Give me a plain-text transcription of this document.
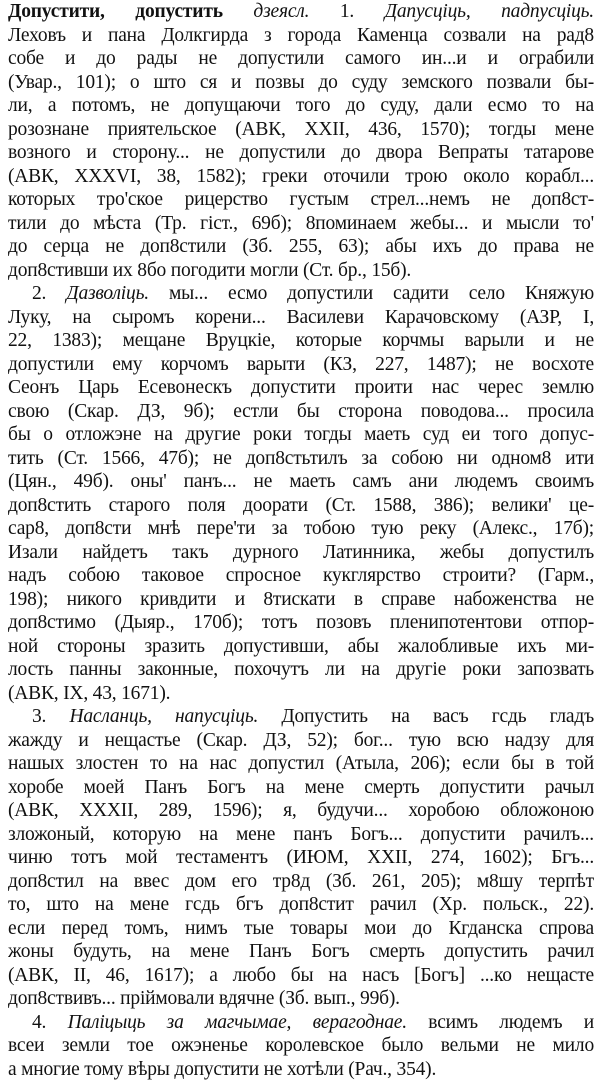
Допустити, допустить дзеясл. 1. Дапусціць, падпусціць.
Леховъ и пана Долкгирда з города Каменца созвали на рад8
собе и до рады не допустили самого ин...и и ограбили
(Увар., 101); о што ся и позвы до суду земского позвали бы-
ли, а потомъ, не допущаючи того до суду, дали есмо то на
розознане приятельское (АВК, XXII, 436, 1570); тогды мене
возного и сторону... не допустили до двора Вепраты татарове
(АВК, XXXVI, 38, 1582); греки оточили трою около корабл...
которых тро'ское рицерство густым стрел...немъ не доп8ст-
тили до мѣста (Тр. гіст., 69б); 8поминаем жебы... и мысли то'
до серца не доп8стили (Зб. 255, 63); абы ихъ до права не
доп8стивши их 8бо погодити могли (Ст. бр., 15б).
2. Дазволіць. мы... есмо допустили садити село Княжую
Луку, на сыромъ корени... Василеви Карачовскому (АЗР, I,
22, 1383); мещане Вруцкіе, которые корчмы варыли и не
допустили ему корчомъ варыти (КЗ, 227, 1487); не восхоте
Сеонъ Царь Есевонескъ допустити проити нас черес землю
свою (Скар. ДЗ, 9б); естли бы сторона поводова... просила
бы о отложэне на другие роки тогды маеть суд еи того допус-
тить (Ст. 1566, 47б); не доп8стьтилъ за собою ни одном8 ити
(Цян., 49б). оны' панъ... не маеть самъ ани людемъ своимъ
доп8стить старого поля доорати (Ст. 1588, 386); велики' це-
сар8, доп8сти мнѣ пере'ти за тобою тую реку (Алекс., 17б);
Изали найдетъ такъ дурного Латинника, жебы допустилъ
надъ собою таковое спросное кукглярство строити? (Гарм.,
198); никого кривдити и 8тискати в справе набоженства не
доп8стимо (Дыяр., 170б); тотъ позовъ пленипотентови отпор-
ной стороны зразить допустивши, абы жалобливые ихъ ми-
лость панны законные, похочутъ ли на другіе роки запозвать
(АВК, IX, 43, 1671).
3. Насланць, напусціць. Допустить на васъ гсдь гладъ
жажду и нещастье (Скар. ДЗ, 52); бог... тую всю надзу для
нашых злостен то на нас допустил (Атыла, 206); если бы в той
хоробе моей Панъ Богъ на мене смерть допустити рачыл
(АВК, XXXII, 289, 1596); я, будучи... хоробою обложоною
зложоный, которую на мене панъ Богъ... допустити рачилъ...
чиню тотъ мой тестаментъ (ИЮМ, XXII, 274, 1602); Бгъ...
доп8стил на ввес дом его тр8д (Зб. 261, 205); м8шу терпѣт
то, што на мене гсдь бгъ доп8стит рачил (Хр. польск., 22).
если перед томъ, нимъ тые товары мои до Кгданска спрова
жоны будуть, на мене Панъ Богъ смерть допустить рачил
(АВК, II, 46, 1617); а любо бы на насъ [Богъ] ...ко нещасте
доп8ствивъ... пріймовали вдячне (Зб. вып., 99б).
4. Паліцыць за магчымае, верагоднае. всимъ людемъ и
всеи земли тое ожэненье королевское было вельми не мило
а многие тому вѣры допустити не хотѣли (Рач., 354).
